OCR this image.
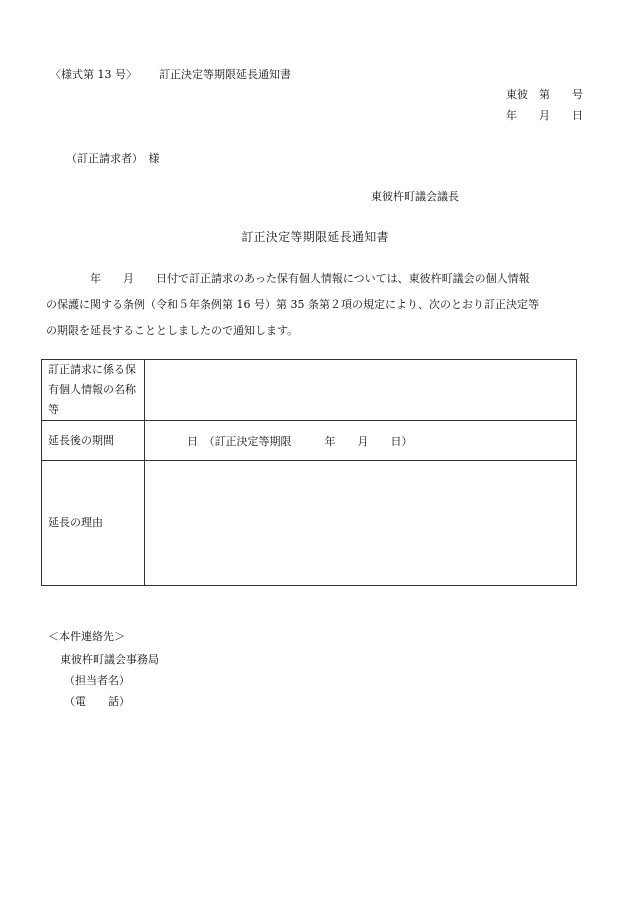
〈様式第 13 号〉 訂正決定等期限延長通知書
東彼　第　　号
年　　月　　日
（訂正請求者）　様
東彼杵町議会議長
訂正決定等期限延長通知書
　　　　年　　月　　日付で訂正請求のあった保有個人情報については、東彼杵町議会の個人情報
の保護に関する条例（令和５年条例第 16 号）第 35 条第２項の規定により、次のとおり訂正決定等
の期限を延長することとしましたので通知します。
訂正請求に係る保有個人情報の名称等	
延長後の期間	日　（訂正決定等期限　　　年　　月　　日）
延長の理由	
＜本件連絡先＞
東彼杵町議会事務局
（担当者名）
（電　　話）
